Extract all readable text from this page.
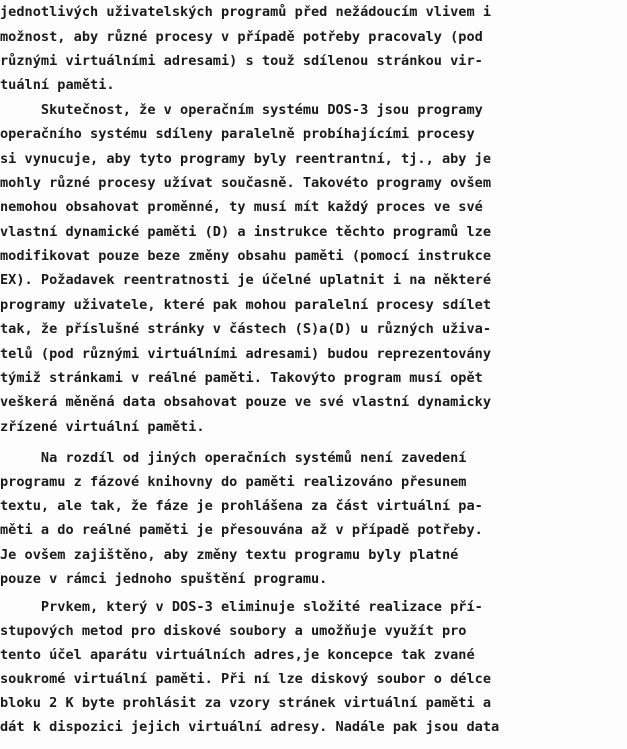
jednotlivých uživatelských programů před nežádoucím vlivem i
možnost, aby různé procesy v případě potřeby pracovaly (pod
různými virtuálními adresami) s touž sdílenou stránkou vir-
tuální paměti.
Skutečnost, že v operačním systému DOS-3 jsou programy
operačního systému sdíleny paralelně probíhajícími procesy
si vynucuje, aby tyto programy byly reentrantní, tj., aby je
mohly různé procesy užívat současně. Takovéto programy ovšem
nemohou obsahovat proměnné, ty musí mít každý proces ve své
vlastní dynamické paměti (D) a instrukce těchto programů lze
modifikovat pouze beze změny obsahu paměti (pomocí instrukce
EX). Požadavek reentratnosti je účelné uplatnit i na některé
programy uživatele, které pak mohou paralelní procesy sdílet
tak, že příslušné stránky v částech (S)a(D) u různých uživa-
telů (pod různými virtuálními adresami) budou reprezentovány
týmiž stránkami v reálné paměti. Takovýto program musí opět
veškerá měněná data obsahovat pouze ve své vlastní dynamicky
zřízené virtuální paměti.
Na rozdíl od jiných operačních systémů není zavedení
programu z fázové knihovny do paměti realizováno přesunem
textu, ale tak, že fáze je prohlášena za část virtuální pa-
měti a do reálné paměti je přesouvána až v případě potřeby.
Je ovšem zajištěno, aby změny textu programu byly platné
pouze v rámci jednoho spuštění programu.
Prvkem, který v DOS-3 eliminuje složité realizace pří-
stupových metod pro diskové soubory a umožňuje využít pro
tento účel aparátu virtuálních adres,je koncepce tak zvané
soukromé virtuální paměti. Při ní lze diskový soubor o délce
bloku 2 K byte prohlásit za vzory stránek virtuální paměti a
dát k dispozici jejich virtuální adresy. Nadále pak jsou data
